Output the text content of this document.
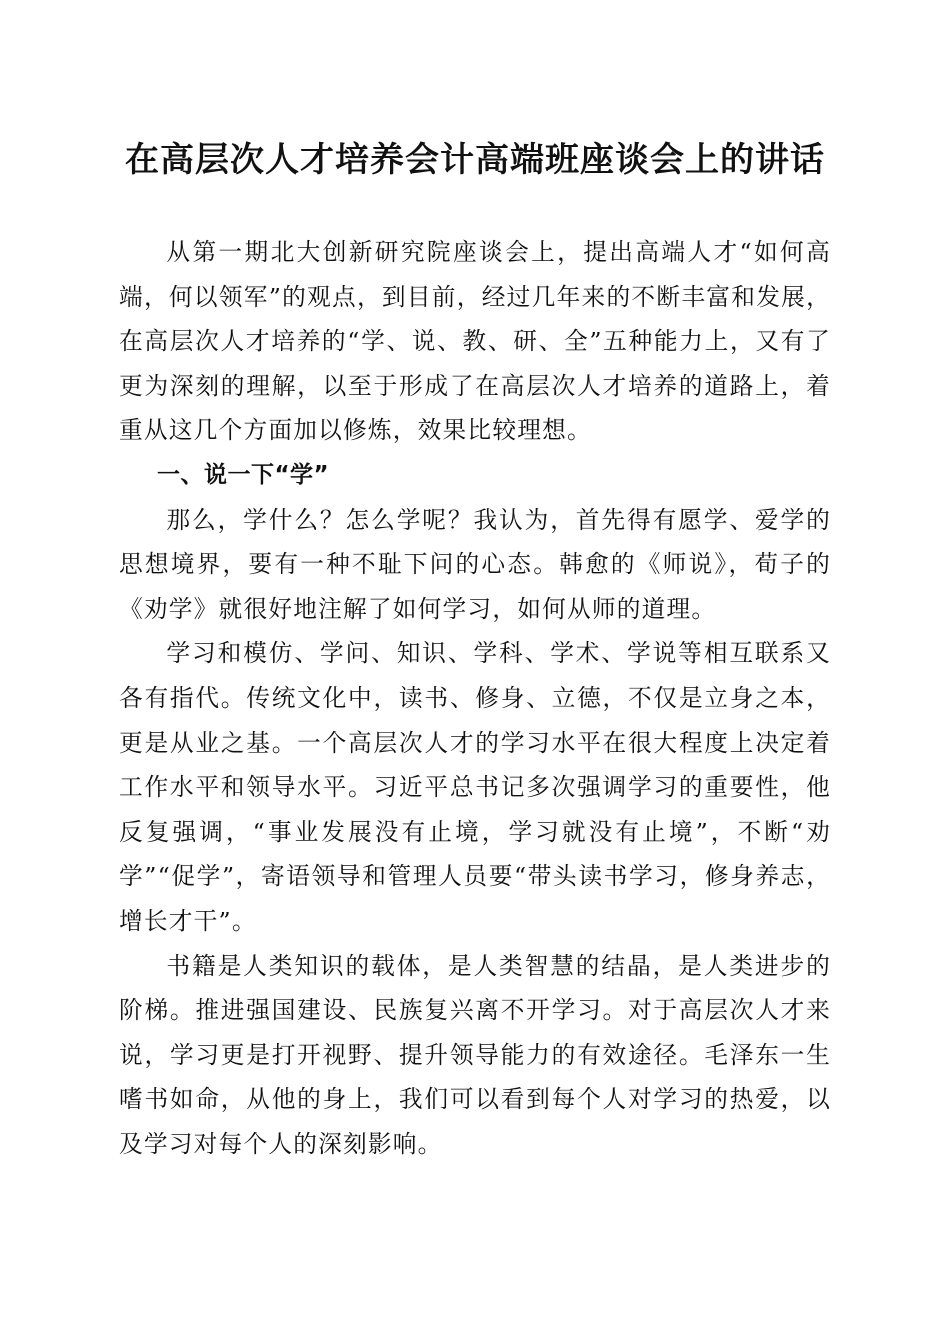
在高层次人才培养会计高端班座谈会上的讲话

从第一期北大创新研究院座谈会上，提出高端人才“如何高端，何以领军”的观点，到目前，经过几年来的不断丰富和发展，在高层次人才培养的“学、说、教、研、全”五种能力上，又有了更为深刻的理解，以至于形成了在高层次人才培养的道路上，着重从这几个方面加以修炼，效果比较理想。

一、说一下“学”

那么，学什么？怎么学呢？我认为，首先得有愿学、爱学的思想境界，要有一种不耻下问的心态。韩愈的《师说》，荀子的《劝学》就很好地注解了如何学习，如何从师的道理。

学习和模仿、学问、知识、学科、学术、学说等相互联系又各有指代。传统文化中，读书、修身、立德，不仅是立身之本，更是从业之基。一个高层次人才的学习水平在很大程度上决定着工作水平和领导水平。习近平总书记多次强调学习的重要性，他反复强调，“事业发展没有止境，学习就没有止境”，不断“劝学”“促学”，寄语领导和管理人员要“带头读书学习，修身养志，增长才干”。

书籍是人类知识的载体，是人类智慧的结晶，是人类进步的阶梯。推进强国建设、民族复兴离不开学习。对于高层次人才来说，学习更是打开视野、提升领导能力的有效途径。毛泽东一生嗜书如命，从他的身上，我们可以看到每个人对学习的热爱，以及学习对每个人的深刻影响。
